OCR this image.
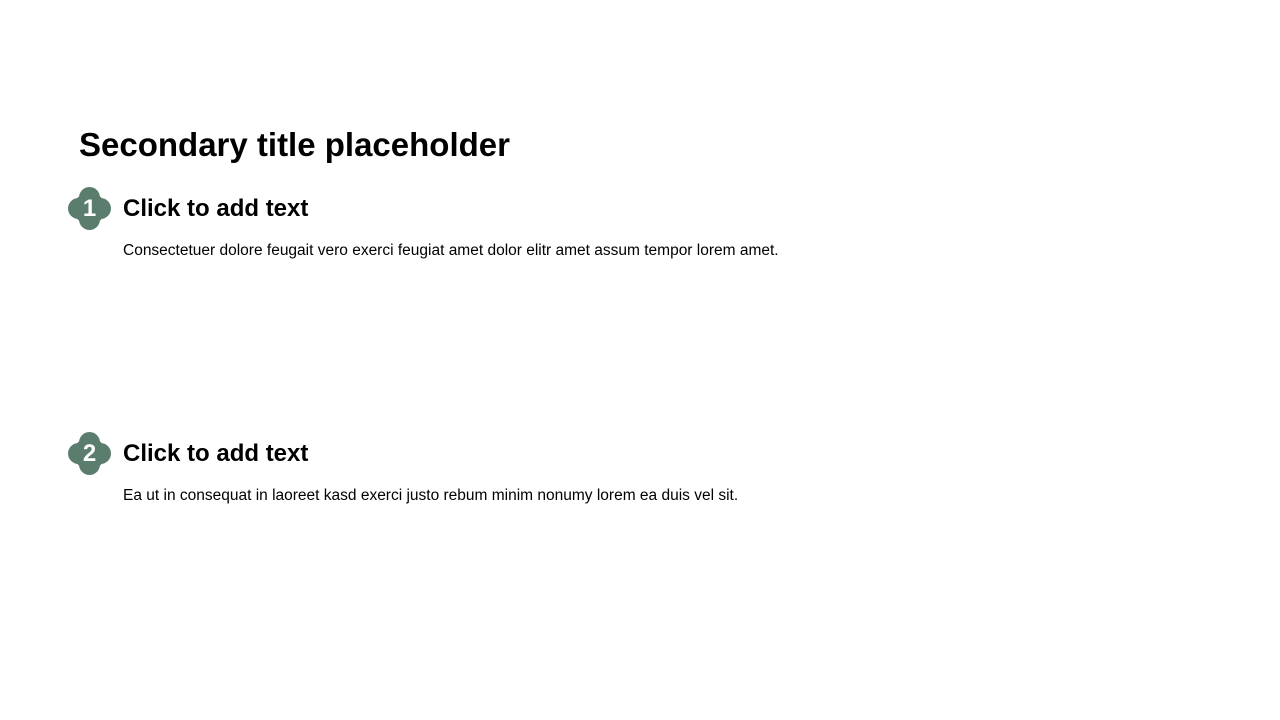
Secondary title placeholder
1	Click to add text

Consectetuer dolore feugait vero exerci feugiat amet dolor elitr amet assum tempor lorem amet.

2	Click to add text

Ea ut in consequat in laoreet kasd exerci justo rebum minim nonumy lorem ea duis vel sit.
